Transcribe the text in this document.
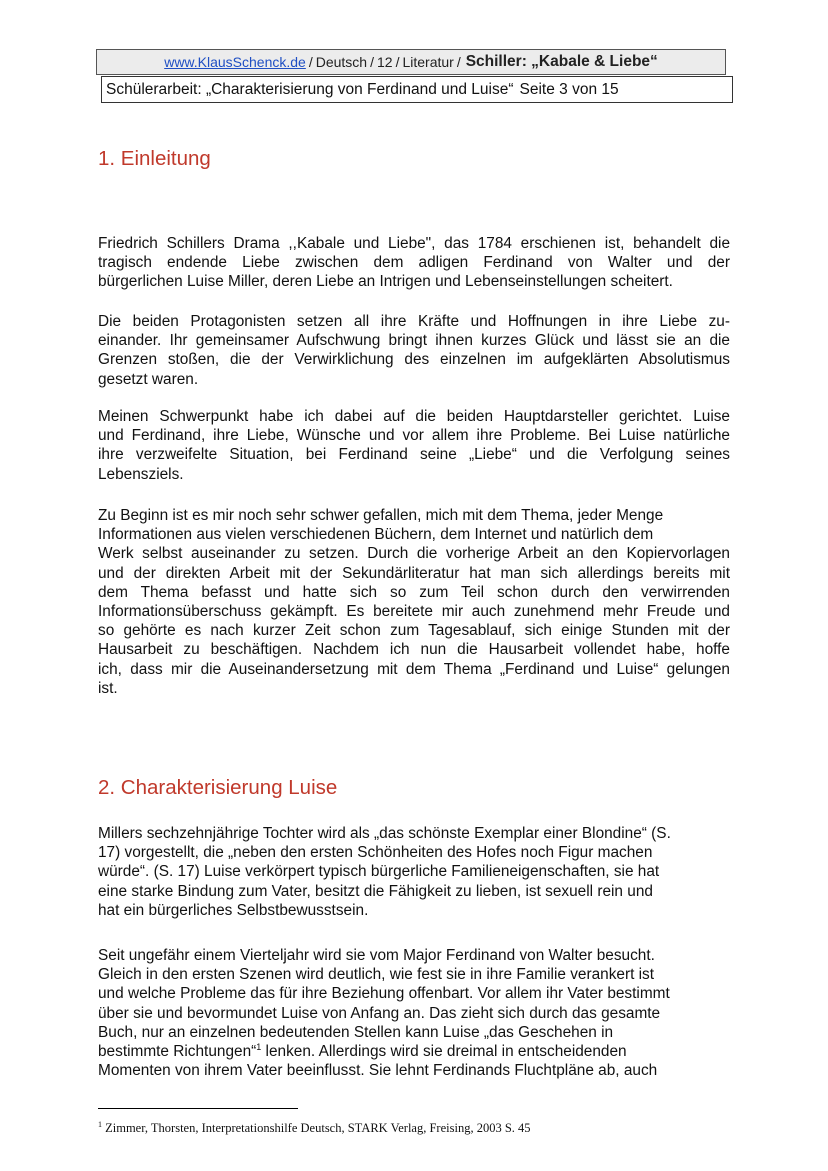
www.KlausSchenck.de / Deutsch / 12 / Literatur / Schiller: „Kabale & Liebe“
Schülerarbeit: „Charakterisierung von Ferdinand und Luise“ Seite 3 von 15
1. Einleitung
Friedrich Schillers Drama ,,Kabale und Liebe", das 1784 erschienen ist, behandelt die
tragisch endende Liebe zwischen dem adligen Ferdinand von Walter und der
bürgerlichen Luise Miller, deren Liebe an Intrigen und Lebenseinstellungen scheitert.
Die beiden Protagonisten setzen all ihre Kräfte und Hoffnungen in ihre Liebe zu-
einander. Ihr gemeinsamer Aufschwung bringt ihnen kurzes Glück und lässt sie an die
Grenzen stoßen, die der Verwirklichung des einzelnen im aufgeklärten Absolutismus
gesetzt waren.
Meinen Schwerpunkt habe ich dabei auf die beiden Hauptdarsteller gerichtet. Luise
und Ferdinand, ihre Liebe, Wünsche und vor allem ihre Probleme. Bei Luise natürliche
ihre verzweifelte Situation, bei Ferdinand seine „Liebe“ und die Verfolgung seines
Lebensziels.
Zu Beginn ist es mir noch sehr schwer gefallen, mich mit dem Thema, jeder Menge
Informationen aus vielen verschiedenen Büchern, dem Internet und natürlich dem
Werk selbst auseinander zu setzen. Durch die vorherige Arbeit an den Kopiervorlagen
und der direkten Arbeit mit der Sekundärliteratur hat man sich allerdings bereits mit
dem Thema befasst und hatte sich so zum Teil schon durch den verwirrenden
Informationsüberschuss gekämpft. Es bereitete mir auch zunehmend mehr Freude und
so gehörte es nach kurzer Zeit schon zum Tagesablauf, sich einige Stunden mit der
Hausarbeit zu beschäftigen. Nachdem ich nun die Hausarbeit vollendet habe, hoffe
ich, dass mir die Auseinandersetzung mit dem Thema „Ferdinand und Luise“ gelungen
ist.
2. Charakterisierung Luise
Millers sechzehnjährige Tochter wird als „das schönste Exemplar einer Blondine“ (S.
17) vorgestellt, die „neben den ersten Schönheiten des Hofes noch Figur machen
würde“. (S. 17) Luise verkörpert typisch bürgerliche Familieneigenschaften, sie hat
eine starke Bindung zum Vater, besitzt die Fähigkeit zu lieben, ist sexuell rein und
hat ein bürgerliches Selbstbewusstsein.
Seit ungefähr einem Vierteljahr wird sie vom Major Ferdinand von Walter besucht.
Gleich in den ersten Szenen wird deutlich, wie fest sie in ihre Familie verankert ist
und welche Probleme das für ihre Beziehung offenbart. Vor allem ihr Vater bestimmt
über sie und bevormundet Luise von Anfang an. Das zieht sich durch das gesamte
Buch, nur an einzelnen bedeutenden Stellen kann Luise „das Geschehen in
bestimmte Richtungen“$^1$ lenken. Allerdings wird sie dreimal in entscheidenden
Momenten von ihrem Vater beeinflusst. Sie lehnt Ferdinands Fluchtpläne ab, auch
$^1$ Zimmer, Thorsten, Interpretationshilfe Deutsch, STARK Verlag, Freising, 2003 S. 45
